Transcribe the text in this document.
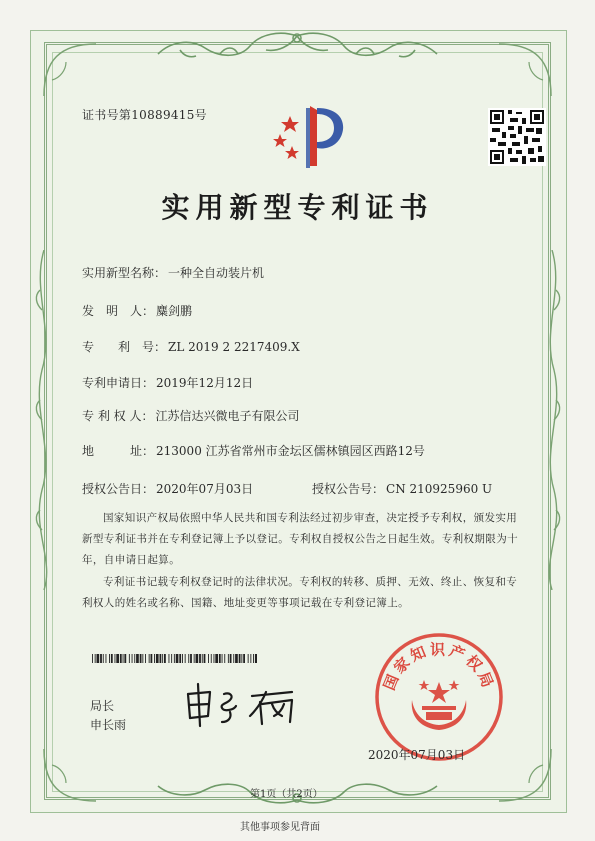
证书号第10889415号
实用新型专利证书
实用新型名称： 一种全自动装片机
发　明　人： 麋剑鹏
专　　利　号： ZL 2019 2 2217409.X
专利申请日： 2019年12月12日
专 利 权 人： 江苏信达兴微电子有限公司
地　　　址： 213000 江苏省常州市金坛区儒林镇园区西路12号
授权公告日： 2020年07月03日	授权公告号： CN 210925960 U
国家知识产权局依照中华人民共和国专利法经过初步审查，决定授予专利权，颁发实用新型专利证书并在专利登记簿上予以登记。专利权自授权公告之日起生效。专利权期限为十年，自申请日起算。
专利证书记载专利权登记时的法律状况。专利权的转移、质押、无效、终止、恢复和专利权人的姓名或名称、国籍、地址变更等事项记载在专利登记簿上。
局长
申长雨
国家知识产权局
2020年07月03日
第1页（共2页）
其他事项参见背面
